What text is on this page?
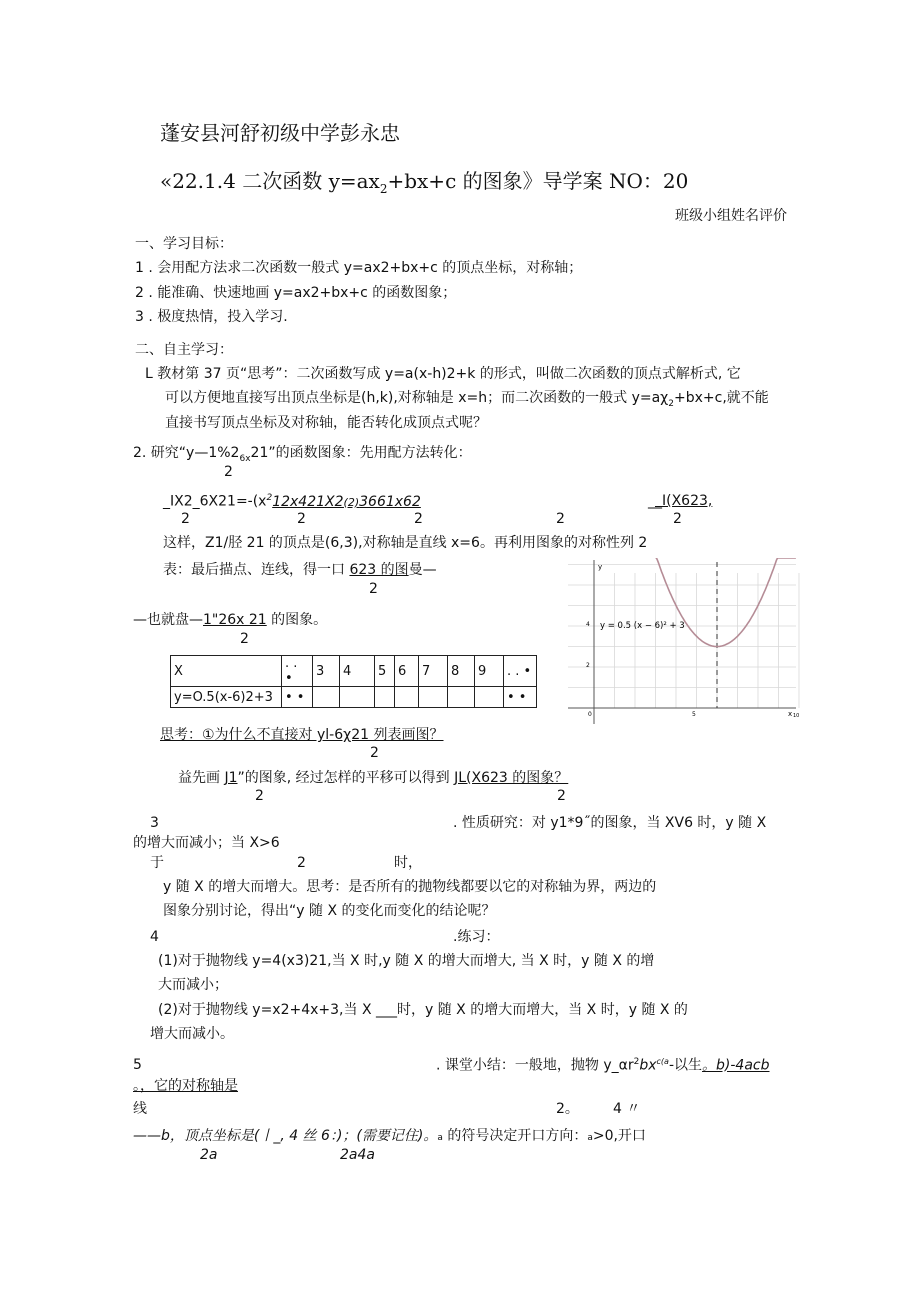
蓬安县河舒初级中学彭永忠
«22.1.4 二次函数 $y=ax_2+bx+c$ 的图象》导学案 NO：20
班级小组姓名评价
一、学习目标：
1 . 会用配方法求二次函数一般式 y=ax2+bx+c 的顶点坐标，对称轴；
2 . 能准确、快速地画 y=ax2+bx+c 的函数图象；
3 . 极度热情，投入学习.
二、自主学习：
L 教材第 37 页“思考”：二次函数写成 y=a(x-h)2+k 的形式，叫做二次函数的顶点式解析式, 它
可以方便地直接写出顶点坐标是(h,k),对称轴是 x=h；而二次函数的一般式 $y=a\chi_2+bx+c$,就不能
直接书写顶点坐标及对称轴，能否转化成顶点式呢？
2. 研究“$y—1\%2_{6x}21$”的函数图象：先用配方法转化：
2
$\_IX2\_6X21=-(x^212x421X2(2)3661x62$	__I(X623,
2	2	2	2	2
这样，Z1/胫 21 的顶点是(6,3),对称轴是直线 x=6。再利用图象的对称性列 2
表：最后描点、连线，得一口 623 的图曼—
2
—也就盘—1"26x 21 的图象。
2
X	. . •	3	4	5	6	7	8	9	. . •
y=O.5(x-6)2+3	• •								• •
y
x 10
5
4
2
0
y = 0.5 (x − 6)² + 3
思考：①为什么不直接对 yl-6χ21 列表画图？
2
益先画 J1”的图象, 经过怎样的平移可以得到 JL(X623 的图象？
2	2
3	. 性质研究：对 y1*9˝的图象，当 XV6 时，y 随 X
的增大而减小；当 X>6
于	2	时，
y 随 X 的增大而增大。思考：是否所有的抛物线都要以它的对称轴为界，两边的
图象分别讨论，得出“y 随 X 的变化而变化的结论呢？
4	.练习：
(1)对于抛物线 y=4(x3)21,当 X 时,y 随 X 的增大而增大, 当 X 时，y 随 X 的增
大而减小；
(2)对于抛物线 y=x2+4x+3,当 X ___时，y 随 X 的增大而增大，当 X 时，y 随 X 的
增大而减小。
5	. 课堂小结：一般地，抛物 $y\_\alpha r^2bx^{c(a}-$以生。b)-4acb
。，它的对称轴是
线	2。 4 〃
——b，顶点坐标是(丨_, 4 丝 6：)；(需要记住)。a 的符号决定开口方向：a>0,开口
2a	2a4a
